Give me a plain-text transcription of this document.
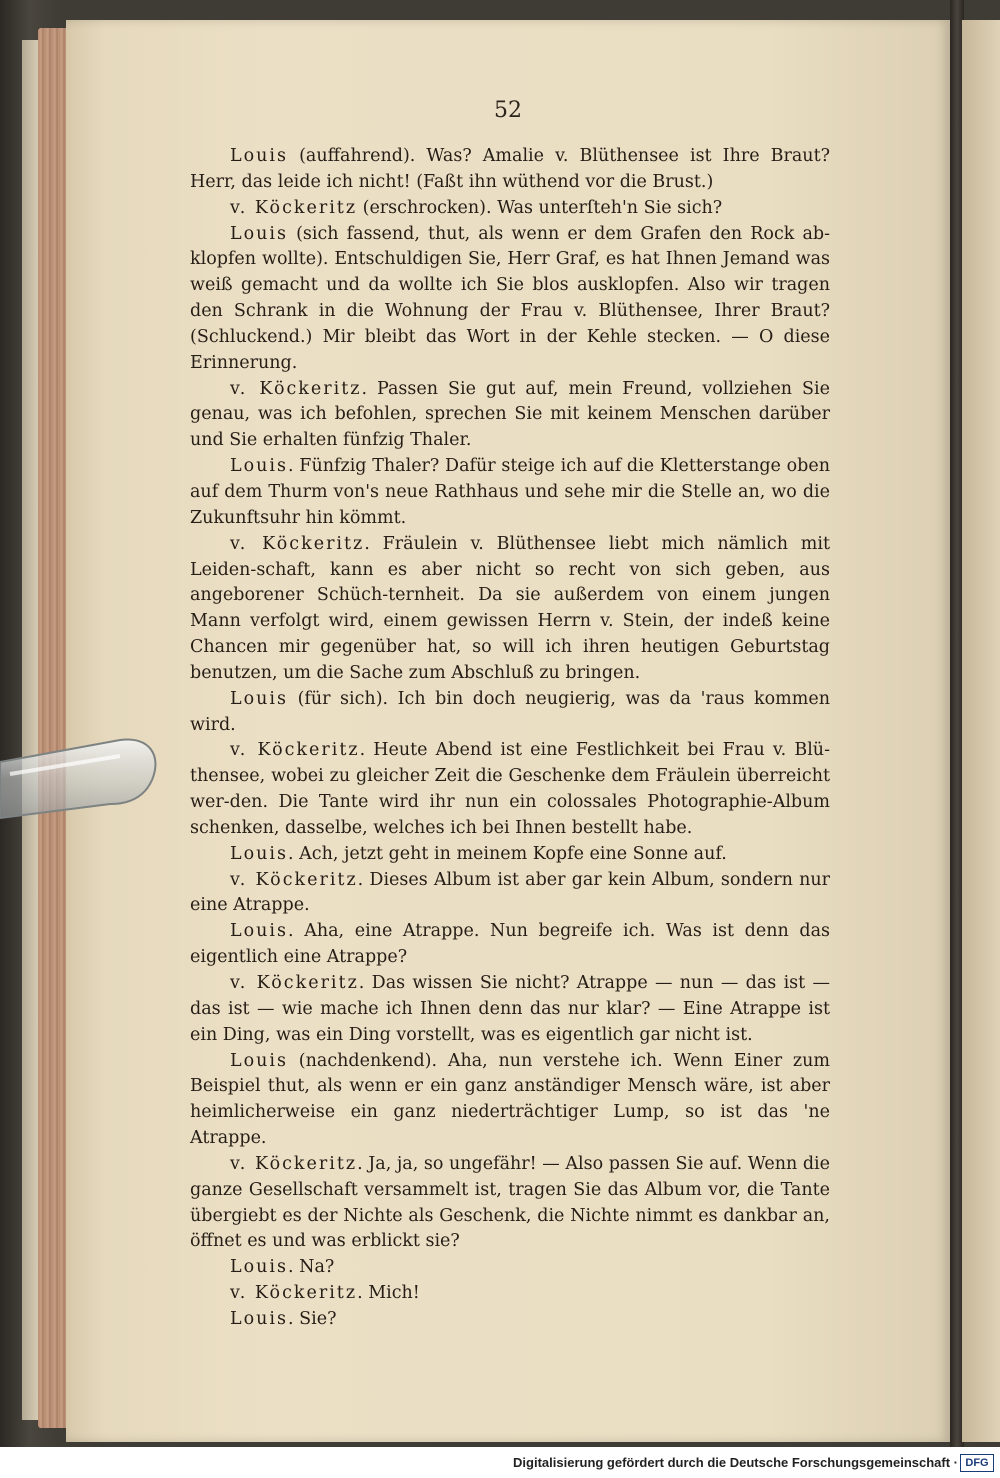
52

Louis (auffahrend). Was? Amalie v. Blüthensee ist Ihre Braut? Herr, das leide ich nicht! (Faßt ihn wüthend vor die Brust.)

v. Köckeritz (erschrocken). Was unterſteh'n Sie sich?

Louis (sich fassend, thut, als wenn er dem Grafen den Rock ab-klopfen wollte). Entschuldigen Sie, Herr Graf, es hat Ihnen Jemand was weiß gemacht und da wollte ich Sie blos ausklopfen. Also wir tragen den Schrank in die Wohnung der Frau v. Blüthensee, Ihrer Braut? (Schluckend.) Mir bleibt das Wort in der Kehle stecken. — O diese Erinnerung.

v. Köckeritz. Passen Sie gut auf, mein Freund, vollziehen Sie genau, was ich befohlen, sprechen Sie mit keinem Menschen darüber und Sie erhalten fünfzig Thaler.

Louis. Fünfzig Thaler? Dafür steige ich auf die Kletterstange oben auf dem Thurm von's neue Rathhaus und sehe mir die Stelle an, wo die Zukunftsuhr hin kömmt.

v. Köckeritz. Fräulein v. Blüthensee liebt mich nämlich mit Leiden-schaft, kann es aber nicht so recht von sich geben, aus angeborener Schüch-ternheit. Da sie außerdem von einem jungen Mann verfolgt wird, einem gewissen Herrn v. Stein, der indeß keine Chancen mir gegenüber hat, so will ich ihren heutigen Geburtstag benutzen, um die Sache zum Abschluß zu bringen.

Louis (für sich). Ich bin doch neugierig, was da 'raus kommen wird.

v. Köckeritz. Heute Abend ist eine Festlichkeit bei Frau v. Blü-thensee, wobei zu gleicher Zeit die Geschenke dem Fräulein überreicht wer-den. Die Tante wird ihr nun ein colossales Photographie-Album schenken, dasselbe, welches ich bei Ihnen bestellt habe.

Louis. Ach, jetzt geht in meinem Kopfe eine Sonne auf.

v. Köckeritz. Dieses Album ist aber gar kein Album, sondern nur eine Atrappe.

Louis. Aha, eine Atrappe. Nun begreife ich. Was ist denn das eigentlich eine Atrappe?

v. Köckeritz. Das wissen Sie nicht? Atrappe — nun — das ist — das ist — wie mache ich Ihnen denn das nur klar? — Eine Atrappe ist ein Ding, was ein Ding vorstellt, was es eigentlich gar nicht ist.

Louis (nachdenkend). Aha, nun verstehe ich. Wenn Einer zum Beispiel thut, als wenn er ein ganz anständiger Mensch wäre, ist aber heimlicherweise ein ganz niederträchtiger Lump, so ist das 'ne Atrappe.

v. Köckeritz. Ja, ja, so ungefähr! — Also passen Sie auf. Wenn die ganze Gesellschaft versammelt ist, tragen Sie das Album vor, die Tante übergiebt es der Nichte als Geschenk, die Nichte nimmt es dankbar an, öffnet es und was erblickt sie?

Louis. Na?

v. Köckeritz. Mich!

Louis. Sie?

Digitalisierung gefördert durch die Deutsche Forschungsgemeinschaft · DFG
